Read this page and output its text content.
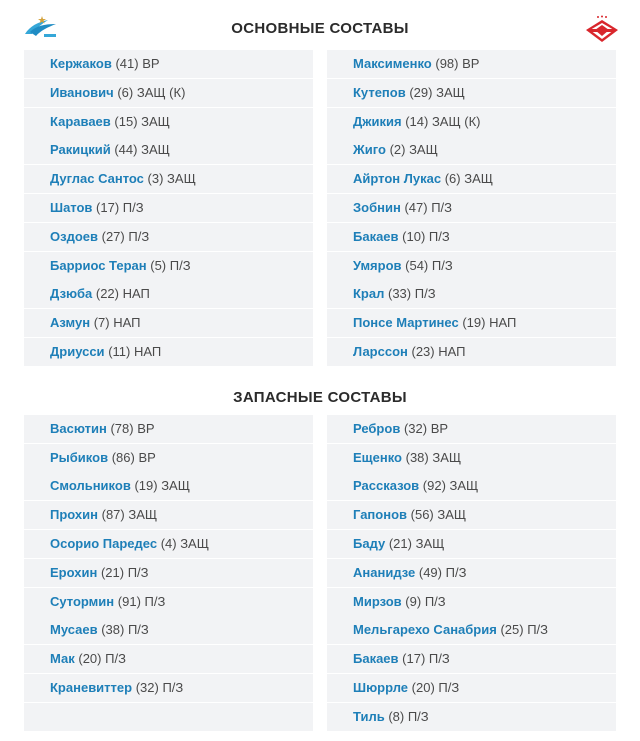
ОСНОВНЫЕ СОСТАВЫ
Кержаков (41) ВР
Иванович (6) ЗАЩ (К)
Караваев (15) ЗАЩ
Ракицкий (44) ЗАЩ
Дуглас Сантос (3) ЗАЩ
Шатов (17) П/З
Оздоев (27) П/З
Барриос Теран (5) П/З
Дзюба (22) НАП
Азмун (7) НАП
Дриусси (11) НАП
Максименко (98) ВР
Кутепов (29) ЗАЩ
Джикия (14) ЗАЩ (К)
Жиго (2) ЗАЩ
Айртон Лукас (6) ЗАЩ
Зобнин (47) П/З
Бакаев (10) П/З
Умяров (54) П/З
Крал (33) П/З
Понсе Мартинес (19) НАП
Ларссон (23) НАП
ЗАПАСНЫЕ СОСТАВЫ
Васютин (78) ВР
Рыбиков (86) ВР
Смольников (19) ЗАЩ
Прохин (87) ЗАЩ
Осорио Паредес (4) ЗАЩ
Ерохин (21) П/З
Сутормин (91) П/З
Мусаев (38) П/З
Мак (20) П/З
Краневиттер (32) П/З
Ребров (32) ВР
Ещенко (38) ЗАЩ
Рассказов (92) ЗАЩ
Гапонов (56) ЗАЩ
Баду (21) ЗАЩ
Ананидзе (49) П/З
Мирзов (9) П/З
Мельгарехо Санабрия (25) П/З
Бакаев (17) П/З
Шюррле (20) П/З
Тиль (8) П/З
